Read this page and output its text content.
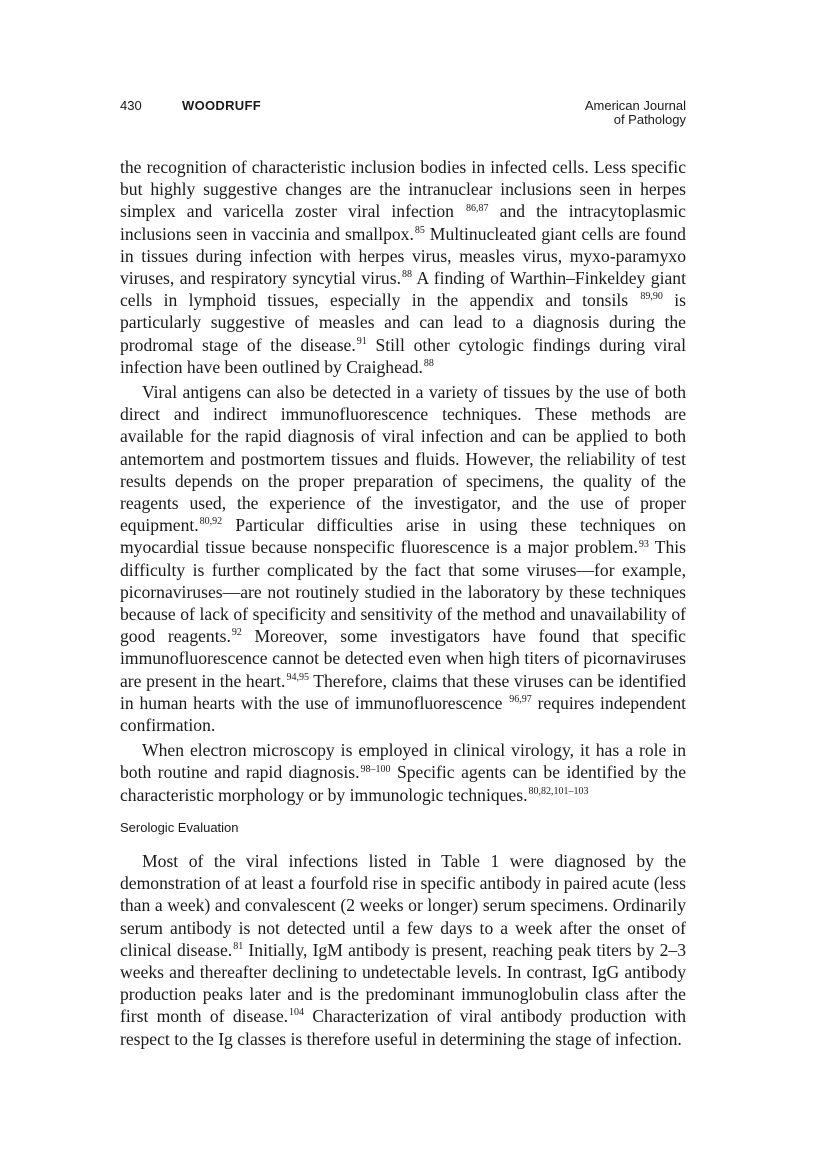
430	WOODRUFF	American Journal
of Pathology

the recognition of characteristic inclusion bodies in infected cells. Less specific but highly suggestive changes are the intranuclear inclusions seen in herpes simplex and varicella zoster viral infection $^{86,87}$ and the intracytoplasmic inclusions seen in vaccinia and smallpox.$^{85}$ Multinucleated giant cells are found in tissues during infection with herpes virus, measles virus, myxo-paramyxo viruses, and respiratory syncytial virus.$^{88}$ A finding of Warthin–Finkeldey giant cells in lymphoid tissues, especially in the appendix and tonsils $^{89,90}$ is particularly suggestive of measles and can lead to a diagnosis during the prodromal stage of the disease.$^{91}$ Still other cytologic findings during viral infection have been outlined by Craighead.$^{88}$

Viral antigens can also be detected in a variety of tissues by the use of both direct and indirect immunofluorescence techniques. These methods are available for the rapid diagnosis of viral infection and can be applied to both antemortem and postmortem tissues and fluids. However, the reliability of test results depends on the proper preparation of specimens, the quality of the reagents used, the experience of the investigator, and the use of proper equipment.$^{80,92}$ Particular difficulties arise in using these techniques on myocardial tissue because nonspecific fluorescence is a major problem.$^{93}$ This difficulty is further complicated by the fact that some viruses—for example, picornaviruses—are not routinely studied in the laboratory by these techniques because of lack of specificity and sensitivity of the method and unavailability of good reagents.$^{92}$ Moreover, some investigators have found that specific immunofluorescence cannot be detected even when high titers of picornaviruses are present in the heart.$^{94,95}$ Therefore, claims that these viruses can be identified in human hearts with the use of immunofluorescence $^{96,97}$ requires independent confirmation.

When electron microscopy is employed in clinical virology, it has a role in both routine and rapid diagnosis.$^{98-100}$ Specific agents can be identified by the characteristic morphology or by immunologic techniques.$^{80,82,101-103}$

Serologic Evaluation

Most of the viral infections listed in Table 1 were diagnosed by the demonstration of at least a fourfold rise in specific antibody in paired acute (less than a week) and convalescent (2 weeks or longer) serum specimens. Ordinarily serum antibody is not detected until a few days to a week after the onset of clinical disease.$^{81}$ Initially, IgM antibody is present, reaching peak titers by 2–3 weeks and thereafter declining to undetectable levels. In contrast, IgG antibody production peaks later and is the predominant immunoglobulin class after the first month of disease.$^{104}$ Characterization of viral antibody production with respect to the Ig classes is therefore useful in determining the stage of infection.
